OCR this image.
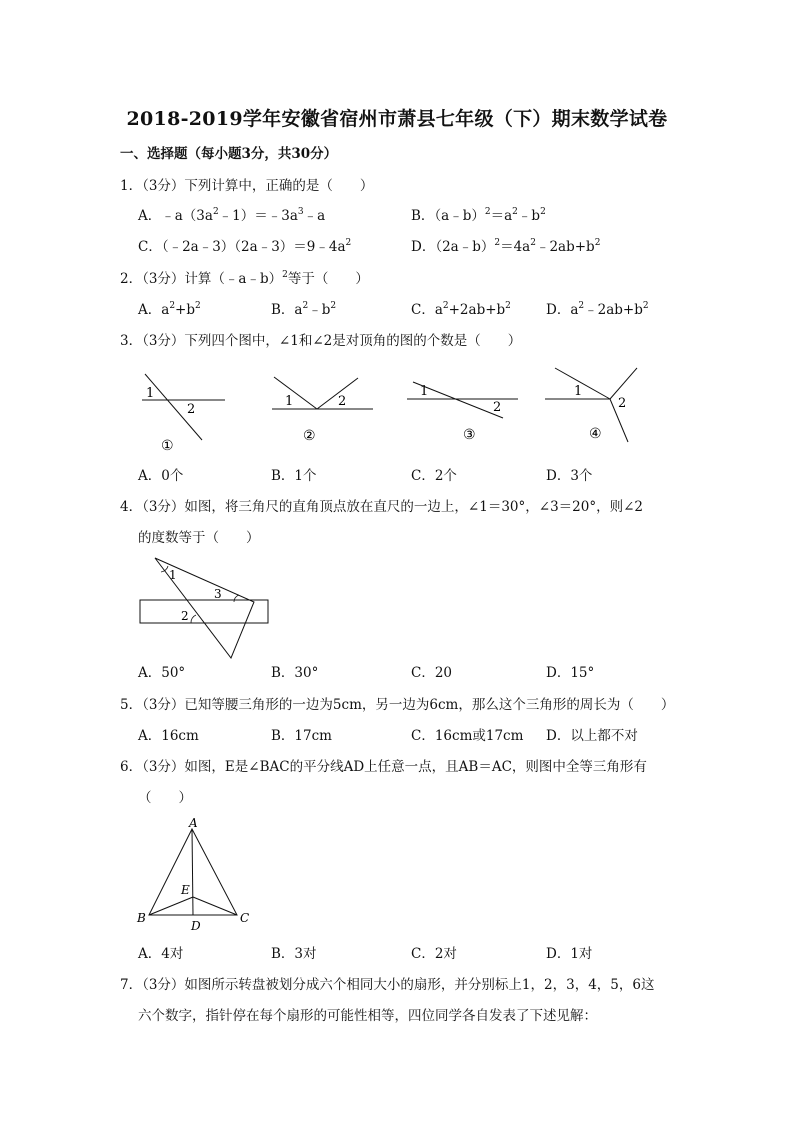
2018-2019学年安徽省宿州市萧县七年级（下）期末数学试卷
一、选择题（每小题3分，共30分）
1．（3分）下列计算中，正确的是（　　）
A．$﹣a(3a^2﹣1)=﹣3a^3﹣a$	B．$(a﹣b)^2=a^2﹣b^2$
C．$(﹣2a﹣3)(2a﹣3)=9﹣4a^2$	D．$(2a﹣b)^2=4a^2﹣2ab+b^2$
2．（3分）计算（﹣a﹣b）$^2$等于（　　）
A．$a^2+b^2$	B．$a^2﹣b^2$	C．$a^2+2ab+b^2$	D．$a^2﹣2ab+b^2$
3．（3分）下列四个图中，∠1和∠2是对顶角的图的个数是（　　）
1
2
①
1	2
②
1
2
③
1
2
④
A．0个	B．1个	C．2个	D．3个
4．（3分）如图，将三角尺的直角顶点放在直尺的一边上，∠1＝30°，∠3＝20°，则∠2
的度数等于（　　）
1
3
2
A．50°	B．30°	C．20	D．15°
5．（3分）已知等腰三角形的一边为5cm，另一边为6cm，那么这个三角形的周长为（　　）
A．16cm	B．17cm	C．16cm或17cm D．以上都不对
6．（3分）如图，E是∠BAC的平分线AD上任意一点，且AB＝AC，则图中全等三角形有
（　　）
A
B	C
D
E
A．4对	B．3对	C．2对	D．1对
7．（3分）如图所示转盘被划分成六个相同大小的扇形，并分别标上1，2，3，4，5，6这
六个数字，指针停在每个扇形的可能性相等，四位同学各自发表了下述见解：
